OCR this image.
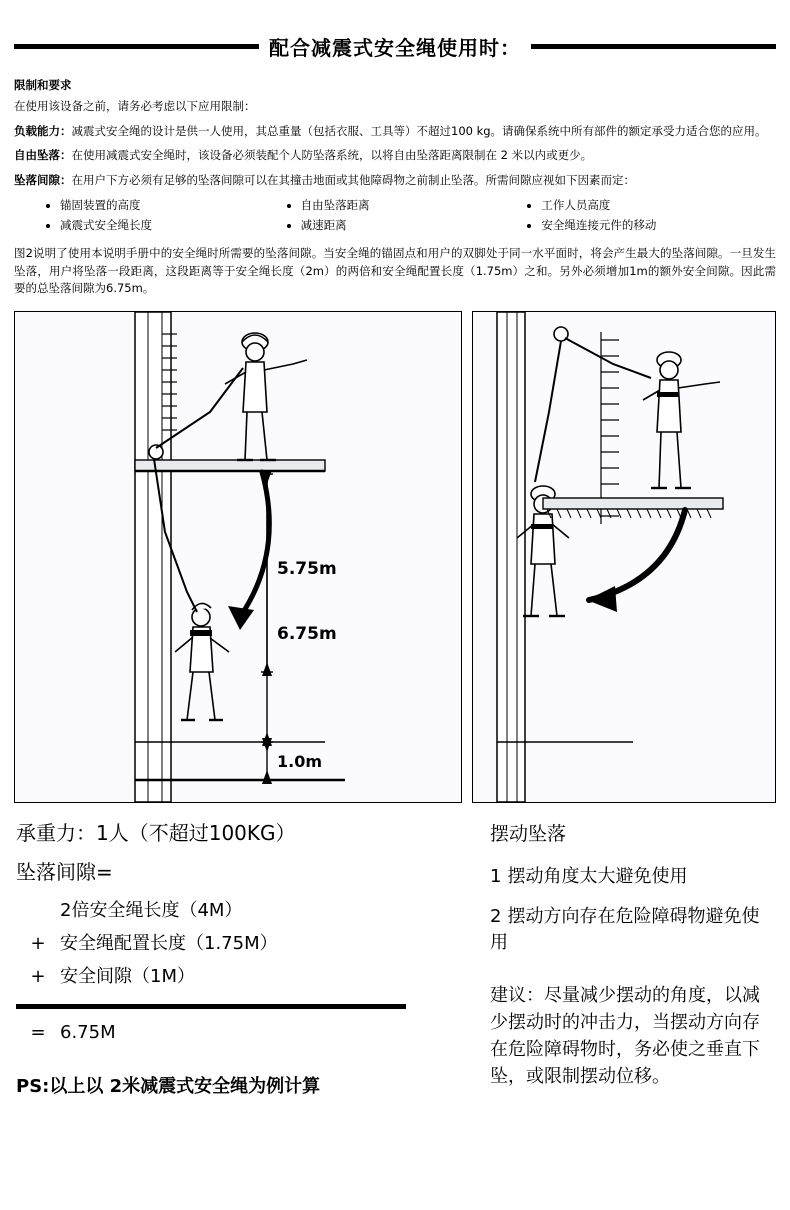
配合减震式安全绳使用时：
限制和要求

在使用该设备之前，请务必考虑以下应用限制：

负载能力：减震式安全绳的设计是供一人使用，其总重量（包括衣服、工具等）不超过100 kg。请确保系统中所有部件的额定承受力适合您的应用。

自由坠落：在使用减震式安全绳时，该设备必须装配个人防坠落系统，以将自由坠落距离限制在 2 米以内或更少。

坠落间隙：在用户下方必须有足够的坠落间隙可以在其撞击地面或其他障碍物之前制止坠落。所需间隙应视如下因素而定：

• 锚固装置的高度
• 减震式安全绳长度
• 自由坠落距离
• 减速距离
• 工作人员高度
• 安全绳连接元件的移动

图2说明了使用本说明手册中的安全绳时所需要的坠落间隙。当安全绳的锚固点和用户的双脚处于同一水平面时，将会产生最大的坠落间隙。一旦发生坠落，用户将坠落一段距离，这段距离等于安全绳长度（2m）的两倍和安全绳配置长度（1.75m）之和。另外必须增加1m的额外安全间隙。因此需要的总坠落间隙为6.75m。

5.75m
6.75m
1.0m
承重力：1人（不超过100KG）
坠落间隙=
2倍安全绳长度（4M）
+ 安全绳配置长度（1.75M）
+ 安全间隙（1M）
= 6.75M
PS:以上以 2米减震式安全绳为例计算
摆动坠落
1 摆动角度太大避免使用
2 摆动方向存在危险障碍物避免使用
建议：尽量减少摆动的角度，以减少摆动时的冲击力，当摆动方向存在危险障碍物时，务必使之垂直下坠，或限制摆动位移。
